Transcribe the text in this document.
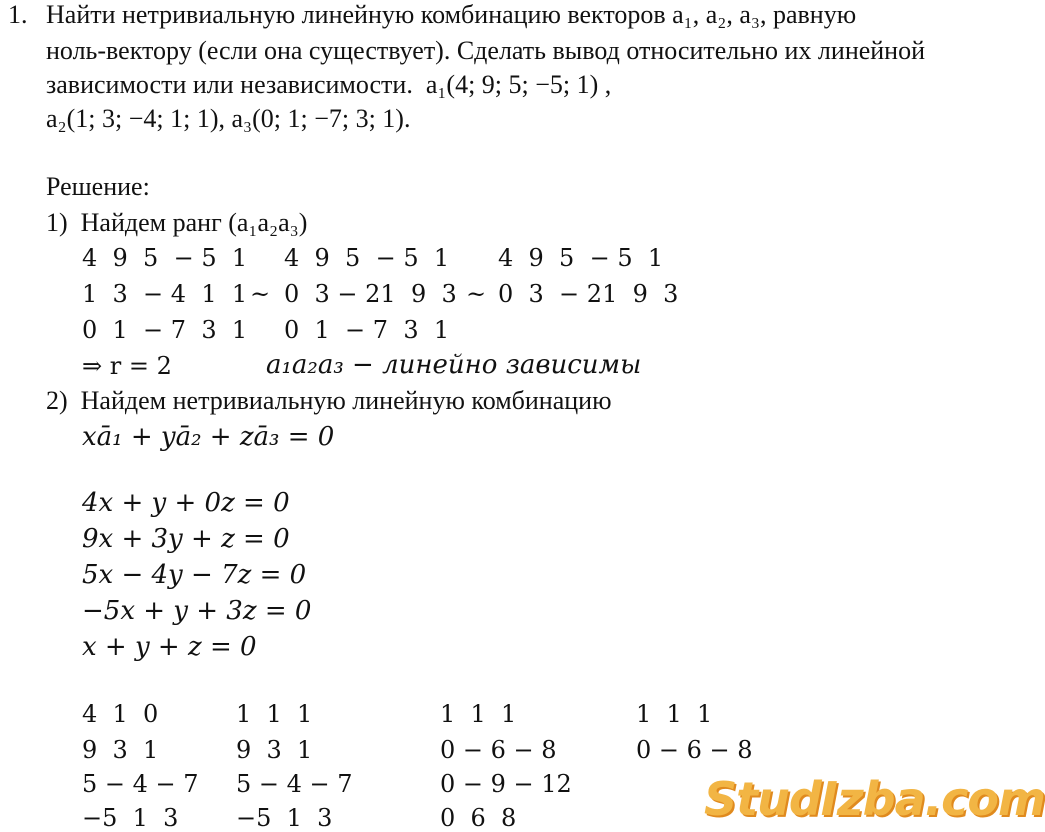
1. Найти нетривиальную линейную комбинацию векторов a₁, a₂, a₃, равную
ноль-вектору (если она существует). Сделать вывод относительно их линейной
зависимости или независимости.  a₁(4; 9; 5; −5; 1) ,
a₂(1; 3; −4; 1; 1), a₃(0; 1; −7; 3; 1).
Решение:
1)  Найдем ранг (a₁a₂a₃)
4  9  5  − 5  1
1  3  − 4  1  1
0  1  − 7  3  1
~
4  9  5  − 5  1
0  3 − 21  9  3
0  1  − 7  3  1
~
4  9  5  − 5  1
0  3  − 21  9  3
⇒ r = 2	a₁a₂a₃ − линейно зависимы
2)  Найдем нетривиальную линейную комбинацию
xā₁ + yā₂ + zā₃ = 0
4x + y + 0z = 0
9x + 3y + z = 0
5x − 4y − 7z = 0
−5x + y + 3z = 0
x + y + z = 0
4  1  0
9  3  1
5 − 4 − 7
−5  1  3
1  1  1
9  3  1
5 − 4 − 7
−5  1  3
1  1  1
0 − 6 − 8
0 − 9 − 12
0  6  8
1  1  1
0 − 6 − 8
StudIzba.com
